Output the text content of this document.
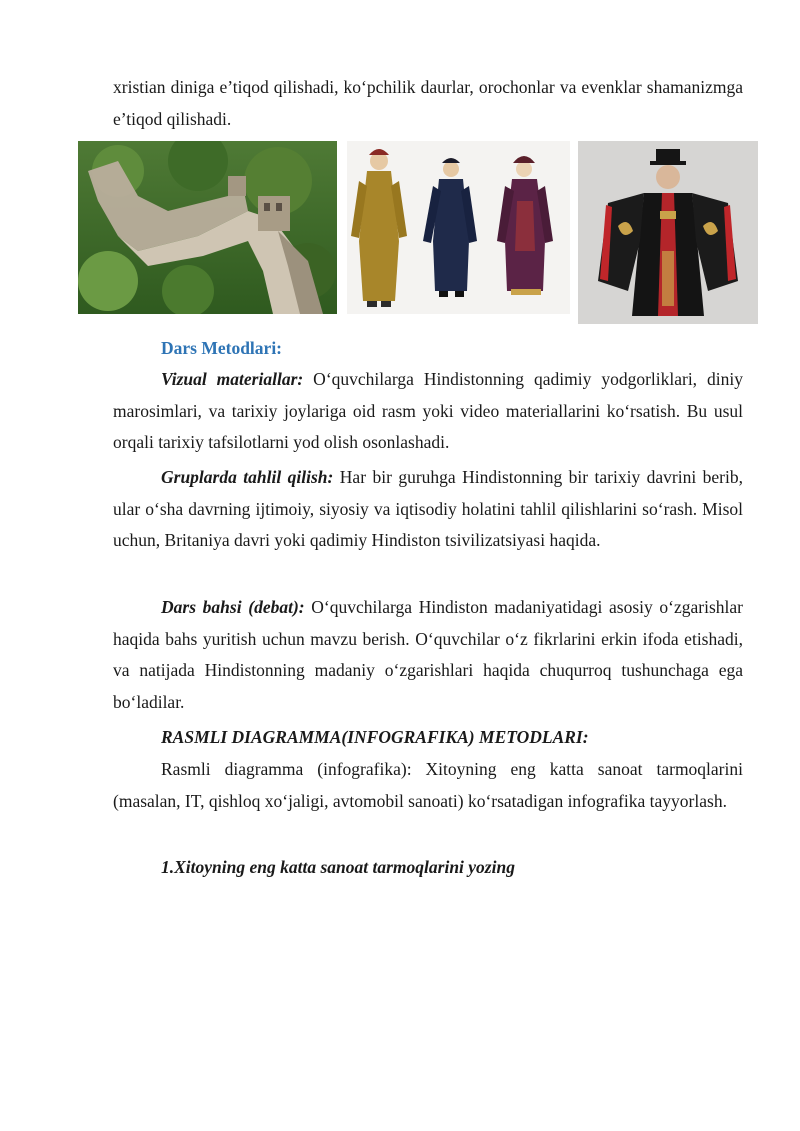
xristian diniga e’tiqod qilishadi, ko‘pchilik daurlar, orochonlar va evenklar shamanizmga e’tiqod qilishadi.

Dars Metodlari:

Vizual materiallar: O‘quvchilarga Hindistonning qadimiy yodgorliklari, diniy marosimlari, va tarixiy joylariga oid rasm yoki video materiallarini ko‘rsatish. Bu usul orqali tarixiy tafsilotlarni yod olish osonlashadi.

Gruplarda tahlil qilish: Har bir guruhga Hindistonning bir tarixiy davrini berib, ular o‘sha davrning ijtimoiy, siyosiy va iqtisodiy holatini tahlil qilishlarini so‘rash. Misol uchun, Britaniya davri yoki qadimiy Hindiston tsivilizatsiyasi haqida.

Dars bahsi (debat): O‘quvchilarga Hindiston madaniyatidagi asosiy o‘zgarishlar haqida bahs yuritish uchun mavzu berish. O‘quvchilar o‘z fikrlarini erkin ifoda etishadi, va natijada Hindistonning madaniy o‘zgarishlari haqida chuqurroq tushunchaga ega bo‘ladilar.

RASMLI DIAGRAMMA(INFOGRAFIKA) METODLARI:

Rasmli diagramma (infografika): Xitoyning eng katta sanoat tarmoqlarini (masalan, IT, qishloq xo‘jaligi, avtomobil sanoati) ko‘rsatadigan infografika tayyorlash.

1.Xitoyning eng katta sanoat tarmoqlarini yozing
